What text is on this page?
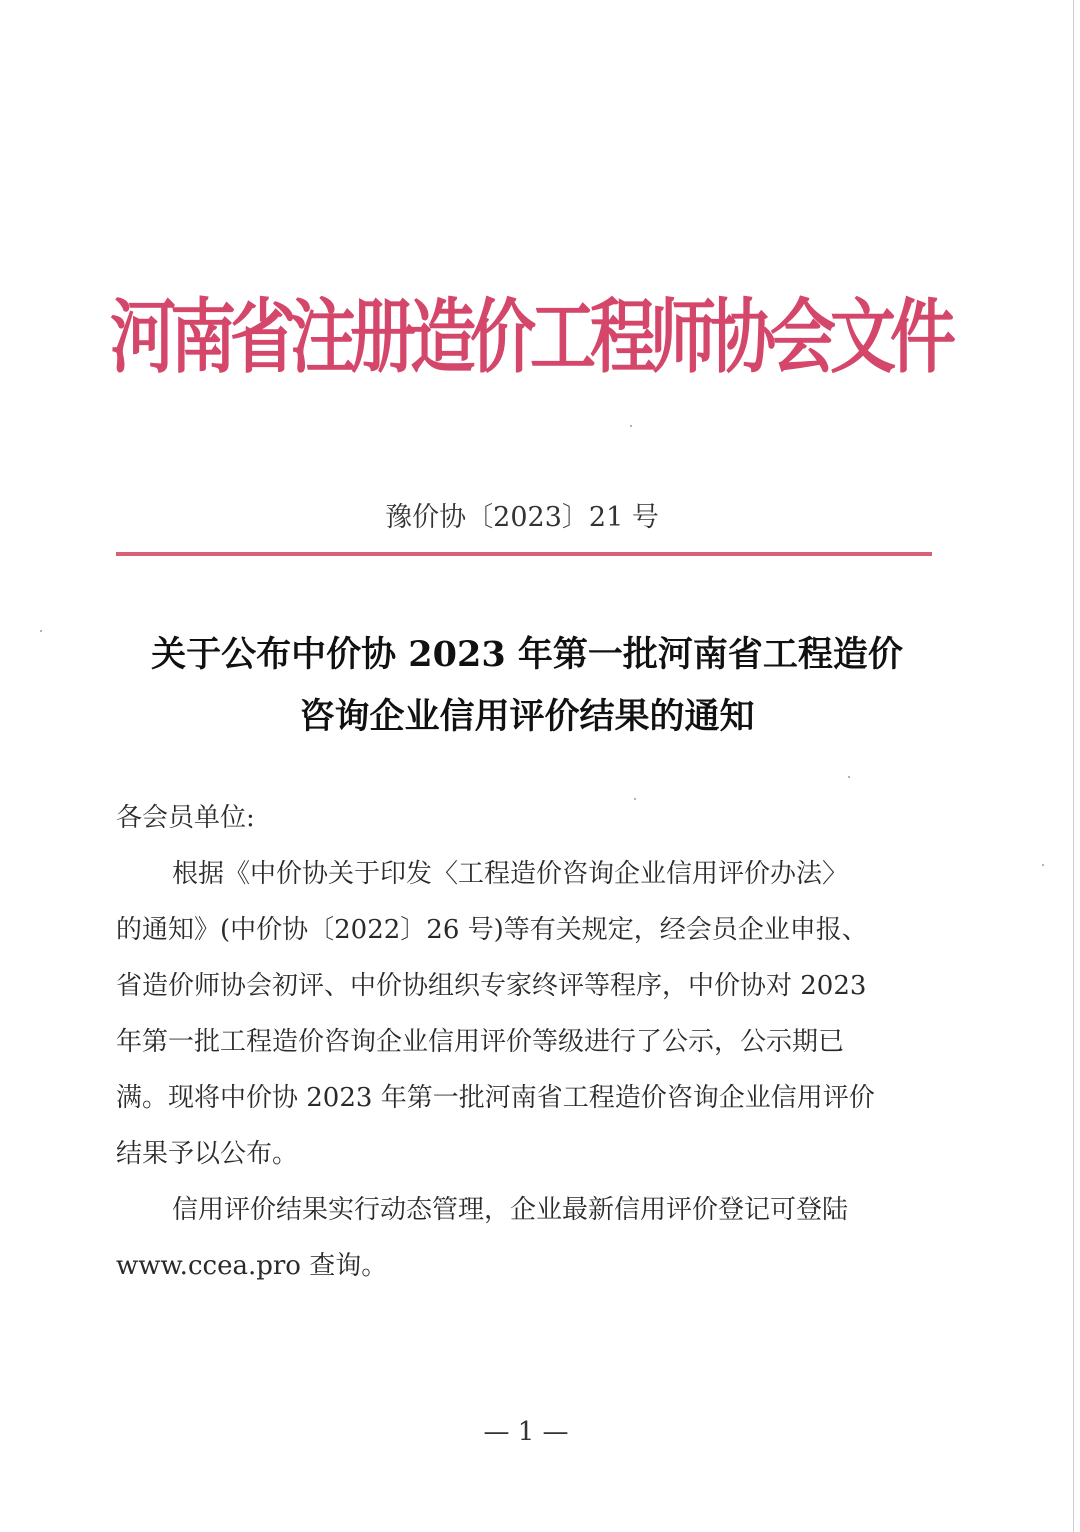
河南省注册造价工程师协会文件
豫价协〔2023〕21 号
关于公布中价协 2023 年第一批河南省工程造价
咨询企业信用评价结果的通知
各会员单位:
根据《中价协关于印发〈工程造价咨询企业信用评价办法〉
的通知》(中价协〔2022〕26 号)等有关规定，经会员企业申报、
省造价师协会初评、中价协组织专家终评等程序，中价协对 2023
年第一批工程造价咨询企业信用评价等级进行了公示，公示期已
满。现将中价协 2023 年第一批河南省工程造价咨询企业信用评价
结果予以公布。
信用评价结果实行动态管理，企业最新信用评价登记可登陆
www.ccea.pro 查询。
— 1 —
